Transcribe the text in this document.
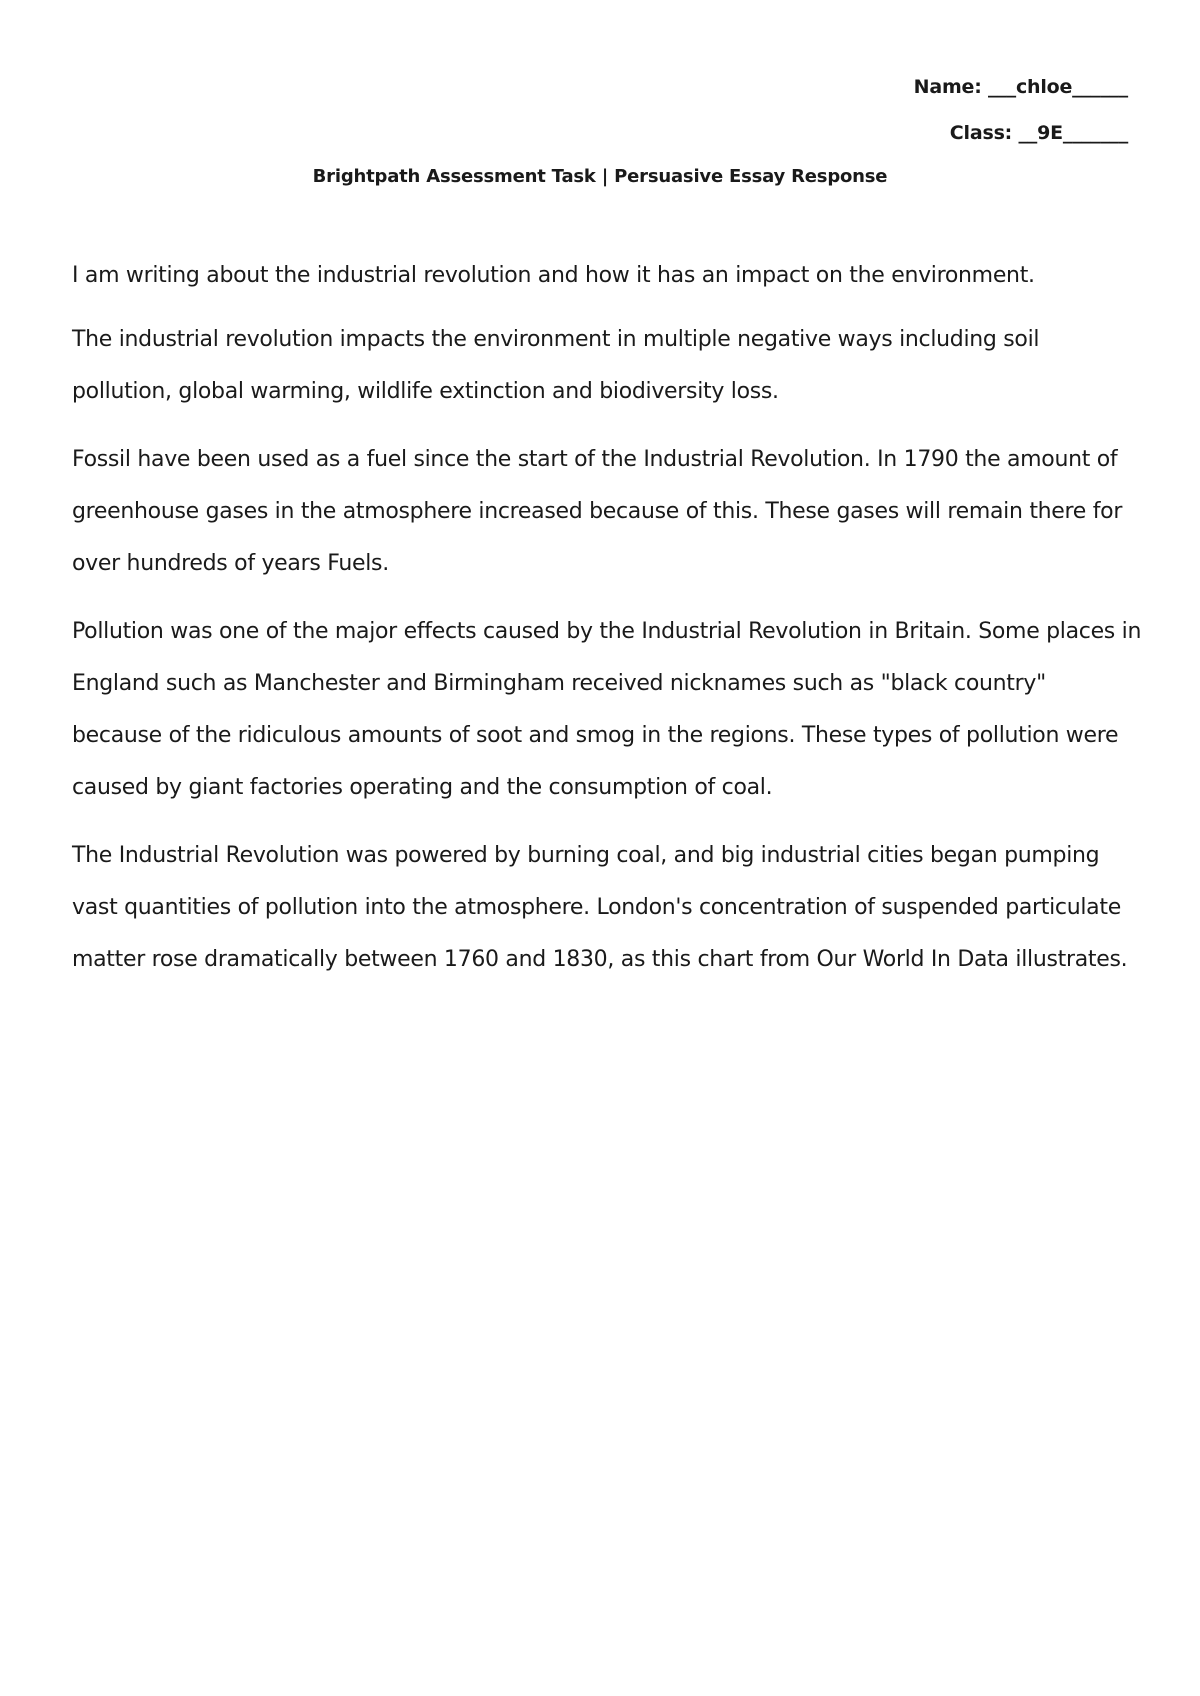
Name: ___chloe______
Class: __9E_______
Brightpath Assessment Task | Persuasive Essay Response

I am writing about the industrial revolution and how it has an impact on the environment.

The industrial revolution impacts the environment in multiple negative ways including soil pollution, global warming, wildlife extinction and biodiversity loss.

Fossil have been used as a fuel since the start of the Industrial Revolution. In 1790 the amount of greenhouse gases in the atmosphere increased because of this. These gases will remain there for over hundreds of years Fuels.

Pollution was one of the major effects caused by the Industrial Revolution in Britain. Some places in England such as Manchester and Birmingham received nicknames such as "black country" because of the ridiculous amounts of soot and smog in the regions. These types of pollution were caused by giant factories operating and the consumption of coal.

The Industrial Revolution was powered by burning coal, and big industrial cities began pumping vast quantities of pollution into the atmosphere. London's concentration of suspended particulate matter rose dramatically between 1760 and 1830, as this chart from Our World In Data illustrates.
